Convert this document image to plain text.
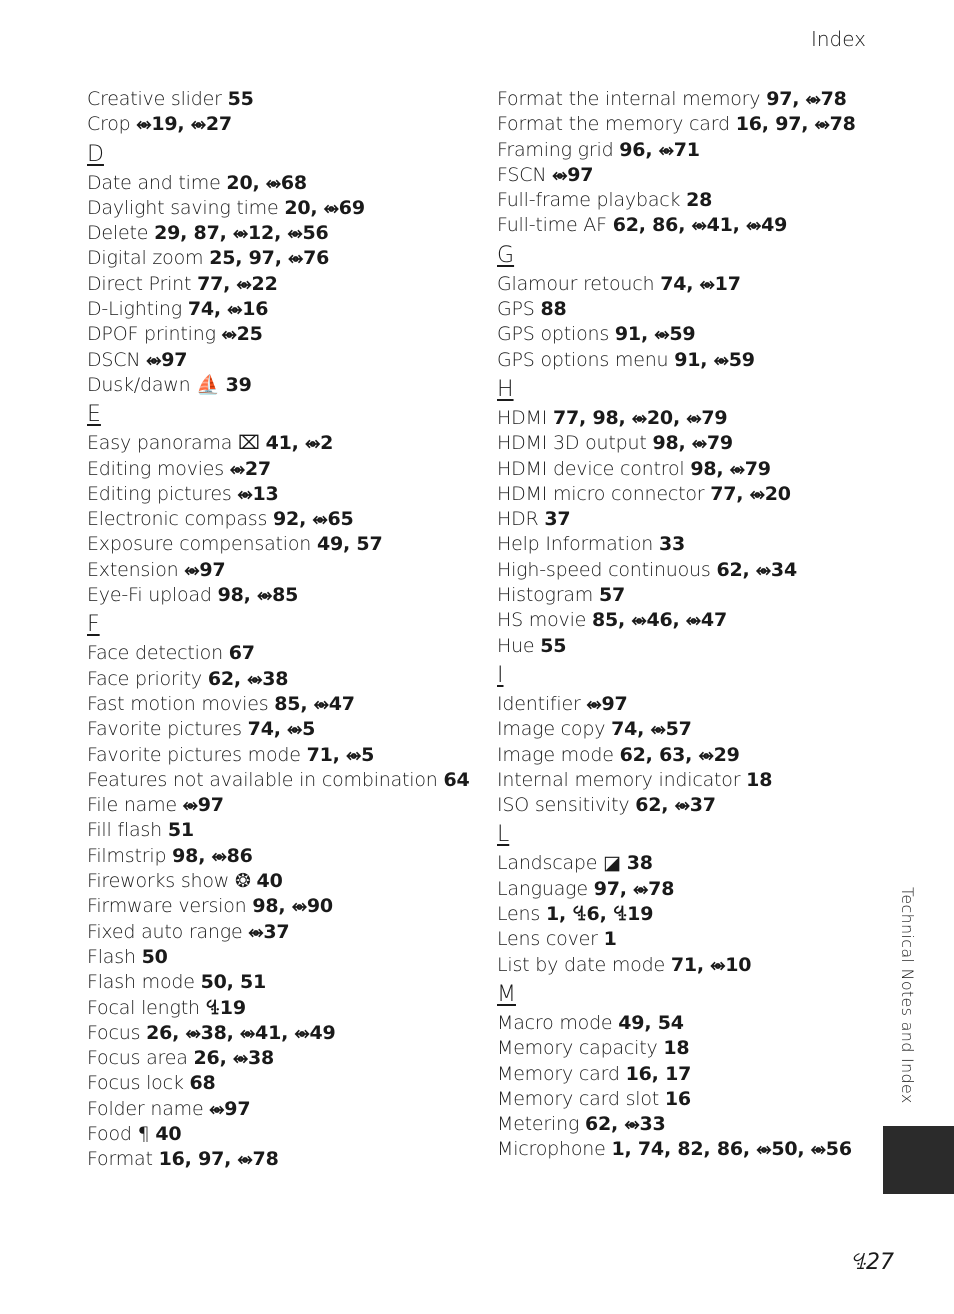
Index
Creative slider 55
Crop ⥈19, ⥈27
D
Date and time 20, ⥈68
Daylight saving time 20, ⥈69
Delete 29, 87, ⥈12, ⥈56
Digital zoom 25, 97, ⥈76
Direct Print 77, ⥈22
D-Lighting 74, ⥈16
DPOF printing ⥈25
DSCN ⥈97
Dusk/dawn ⛵ 39
E
Easy panorama ⌧ 41, ⥈2
Editing movies ⥈27
Editing pictures ⥈13
Electronic compass 92, ⥈65
Exposure compensation 49, 57
Extension ⥈97
Eye-Fi upload 98, ⥈85
F
Face detection 67
Face priority 62, ⥈38
Fast motion movies 85, ⥈47
Favorite pictures 74, ⥈5
Favorite pictures mode 71, ⥈5
Features not available in combination 64
File name ⥈97
Fill flash 51
Filmstrip 98, ⥈86
Fireworks show ❂ 40
Firmware version 98, ⥈90
Fixed auto range ⥈37
Flash 50
Flash mode 50, 51
Focal length ꔈ19
Focus 26, ⥈38, ⥈41, ⥈49
Focus area 26, ⥈38
Focus lock 68
Folder name ⥈97
Food ¶ 40
Format 16, 97, ⥈78
Format the internal memory 97, ⥈78
Format the memory card 16, 97, ⥈78
Framing grid 96, ⥈71
FSCN ⥈97
Full-frame playback 28
Full-time AF 62, 86, ⥈41, ⥈49
G
Glamour retouch 74, ⥈17
GPS 88
GPS options 91, ⥈59
GPS options menu 91, ⥈59
H
HDMI 77, 98, ⥈20, ⥈79
HDMI 3D output 98, ⥈79
HDMI device control 98, ⥈79
HDMI micro connector 77, ⥈20
HDR 37
Help Information 33
High-speed continuous 62, ⥈34
Histogram 57
HS movie 85, ⥈46, ⥈47
Hue 55
I
Identifier ⥈97
Image copy 74, ⥈57
Image mode 62, 63, ⥈29
Internal memory indicator 18
ISO sensitivity 62, ⥈37
L
Landscape ◪ 38
Language 97, ⥈78
Lens 1, ꔈ6, ꔈ19
Lens cover 1
List by date mode 71, ⥈10
M
Macro mode 49, 54
Memory capacity 18
Memory card 16, 17
Memory card slot 16
Metering 62, ⥈33
Microphone 1, 74, 82, 86, ⥈50, ⥈56
Technical Notes and Index
ꔈ27
